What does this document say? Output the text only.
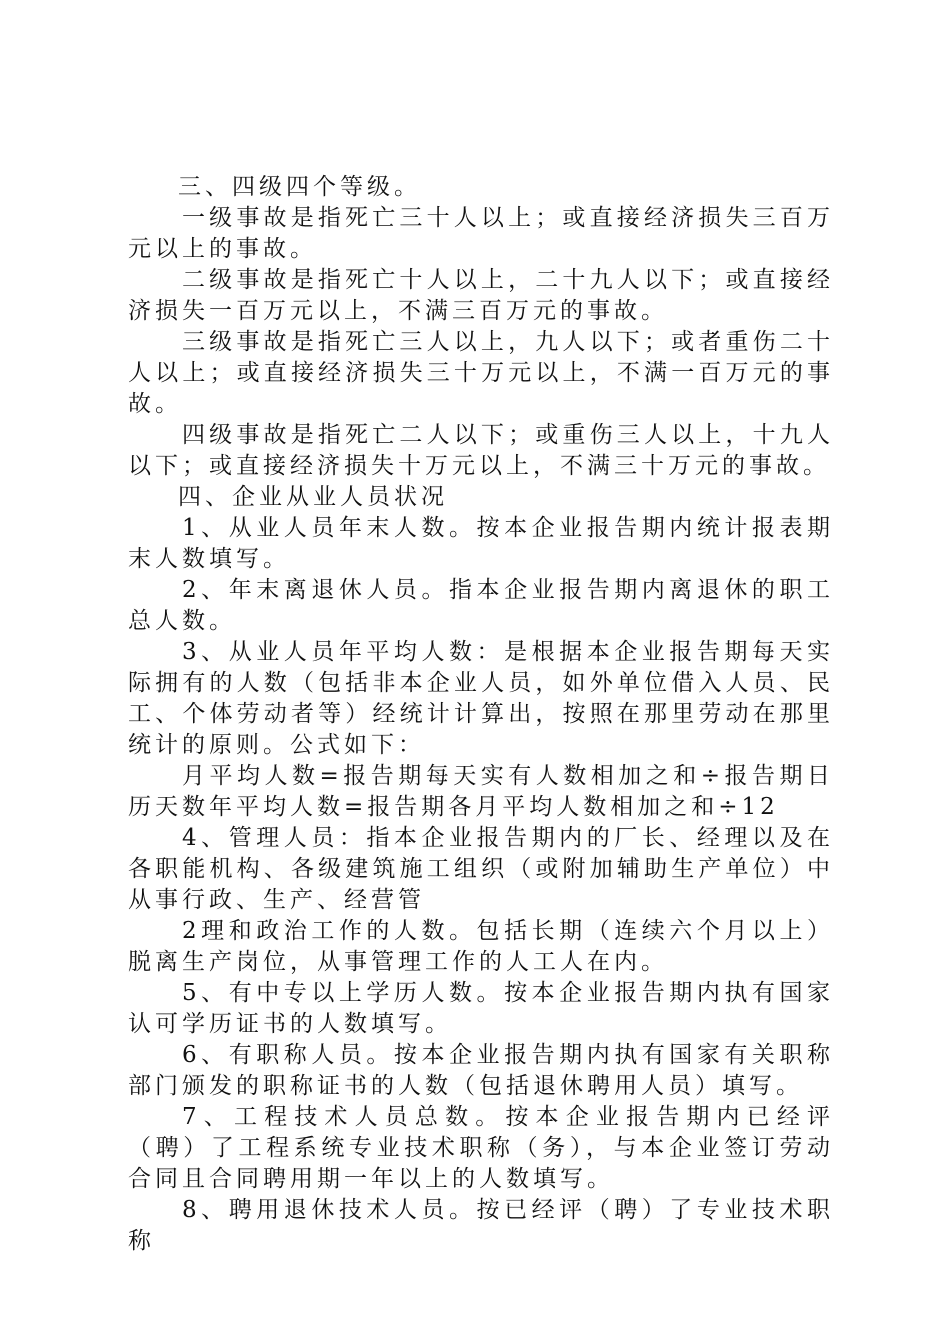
三、四级四个等级。

一级事故是指死亡三十人以上；或直接经济损失三百万元以上的事故。

二级事故是指死亡十人以上，二十九人以下；或直接经济损失一百万元以上，不满三百万元的事故。

三级事故是指死亡三人以上，九人以下；或者重伤二十人以上；或直接经济损失三十万元以上，不满一百万元的事故。

四级事故是指死亡二人以下；或重伤三人以上，十九人以下；或直接经济损失十万元以上，不满三十万元的事故。

四、企业从业人员状况

1、从业人员年末人数。按本企业报告期内统计报表期末人数填写。

2、年末离退休人员。指本企业报告期内离退休的职工总人数。

3、从业人员年平均人数：是根据本企业报告期每天实际拥有的人数（包括非本企业人员，如外单位借入人员、民工、个体劳动者等）经统计计算出，按照在那里劳动在那里统计的原则。公式如下：

月平均人数=报告期每天实有人数相加之和÷报告期日历天数年平均人数=报告期各月平均人数相加之和÷12

4、管理人员：指本企业报告期内的厂长、经理以及在各职能机构、各级建筑施工组织（或附加辅助生产单位）中从事行政、生产、经营管

2理和政治工作的人数。包括长期（连续六个月以上）脱离生产岗位，从事管理工作的人工人在内。

5、有中专以上学历人数。按本企业报告期内执有国家认可学历证书的人数填写。

6、有职称人员。按本企业报告期内执有国家有关职称部门颁发的职称证书的人数（包括退休聘用人员）填写。

7、工程技术人员总数。按本企业报告期内已经评（聘）了工程系统专业技术职称（务），与本企业签订劳动合同且合同聘用期一年以上的人数填写。

8、聘用退休技术人员。按已经评（聘）了专业技术职称
